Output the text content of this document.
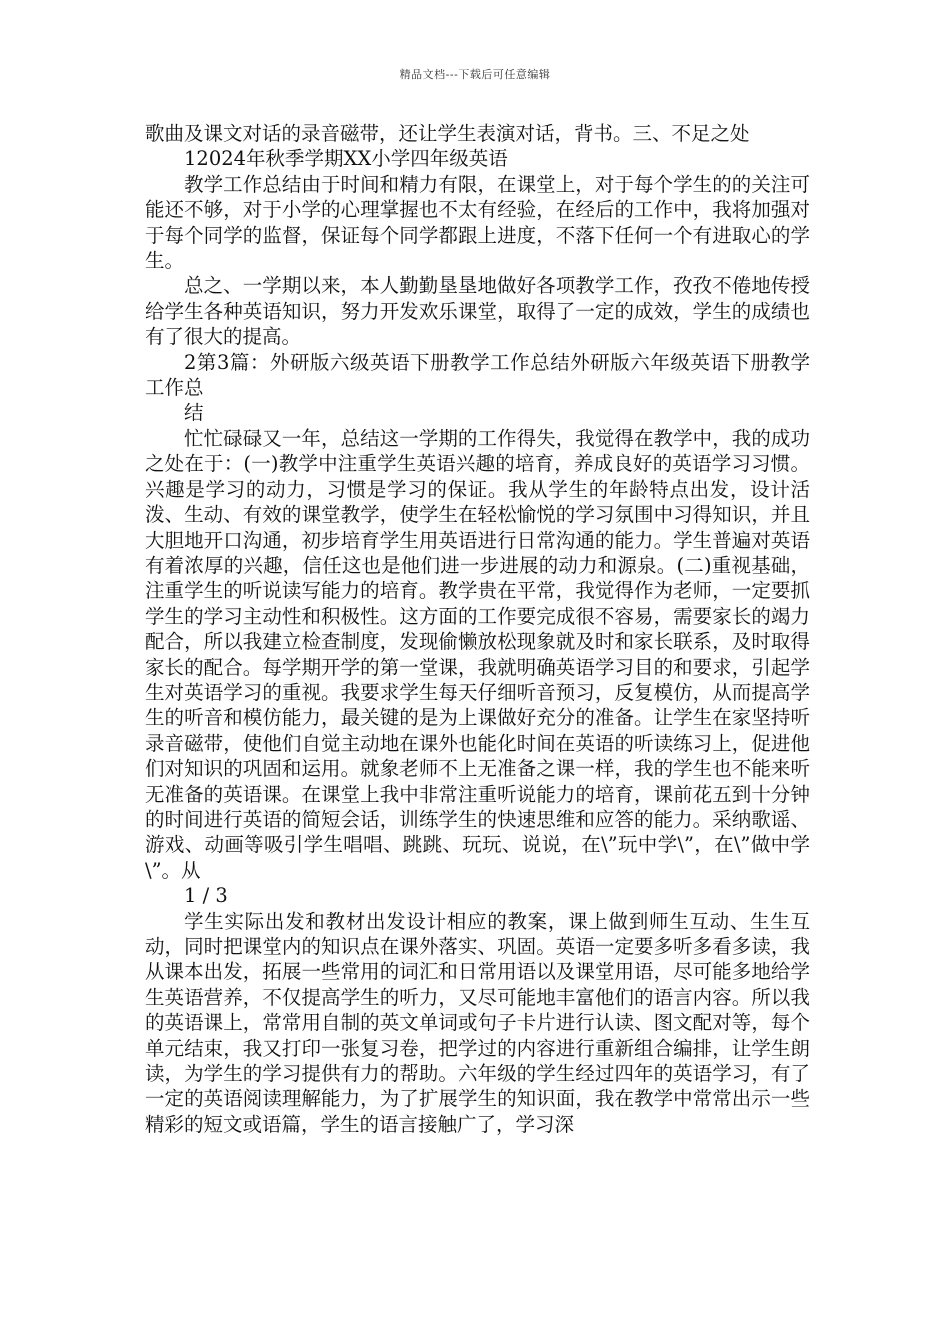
精品文档---下载后可任意编辑

歌曲及课文对话的录音磁带，还让学生表演对话，背书。三、不足之处

12024年秋季学期XX小学四年级英语

教学工作总结由于时间和精力有限，在课堂上，对于每个学生的的关注可能还不够，对于小学的心理掌握也不太有经验，在经后的工作中，我将加强对于每个同学的监督，保证每个同学都跟上进度，不落下任何一个有进取心的学生。

总之、一学期以来，本人勤勤垦垦地做好各项教学工作，孜孜不倦地传授给学生各种英语知识，努力开发欢乐课堂，取得了一定的成效，学生的成绩也有了很大的提高。

2第3篇：外研版六级英语下册教学工作总结外研版六年级英语下册教学工作总

结

忙忙碌碌又一年，总结这一学期的工作得失，我觉得在教学中，我的成功之处在于：(一)教学中注重学生英语兴趣的培育，养成良好的英语学习习惯。兴趣是学习的动力，习惯是学习的保证。我从学生的年龄特点出发，设计活泼、生动、有效的课堂教学，使学生在轻松愉悦的学习氛围中习得知识，并且大胆地开口沟通，初步培育学生用英语进行日常沟通的能力。学生普遍对英语有着浓厚的兴趣，信任这也是他们进一步进展的动力和源泉。(二)重视基础，注重学生的听说读写能力的培育。教学贵在平常，我觉得作为老师，一定要抓学生的学习主动性和积极性。这方面的工作要完成很不容易，需要家长的竭力配合，所以我建立检查制度，发现偷懒放松现象就及时和家长联系，及时取得家长的配合。每学期开学的第一堂课，我就明确英语学习目的和要求，引起学生对英语学习的重视。我要求学生每天仔细听音预习，反复模仿，从而提高学生的听音和模仿能力，最关键的是为上课做好充分的准备。让学生在家坚持听录音磁带，使他们自觉主动地在课外也能化时间在英语的听读练习上，促进他们对知识的巩固和运用。就象老师不上无准备之课一样，我的学生也不能来听无准备的英语课。在课堂上我中非常注重听说能力的培育，课前花五到十分钟的时间进行英语的简短会话，训练学生的快速思维和应答的能力。采纳歌谣、游戏、动画等吸引学生唱唱、跳跳、玩玩、说说，在\”玩中学\”，在\”做中学\”。从

1 / 3

学生实际出发和教材出发设计相应的教案，课上做到师生互动、生生互动，同时把课堂内的知识点在课外落实、巩固。英语一定要多听多看多读，我从课本出发，拓展一些常用的词汇和日常用语以及课堂用语，尽可能多地给学生英语营养，不仅提高学生的听力，又尽可能地丰富他们的语言内容。所以我的英语课上，常常用自制的英文单词或句子卡片进行认读、图文配对等，每个单元结束，我又打印一张复习卷，把学过的内容进行重新组合编排，让学生朗读，为学生的学习提供有力的帮助。六年级的学生经过四年的英语学习，有了一定的英语阅读理解能力，为了扩展学生的知识面，我在教学中常常出示一些精彩的短文或语篇，学生的语言接触广了，学习深
